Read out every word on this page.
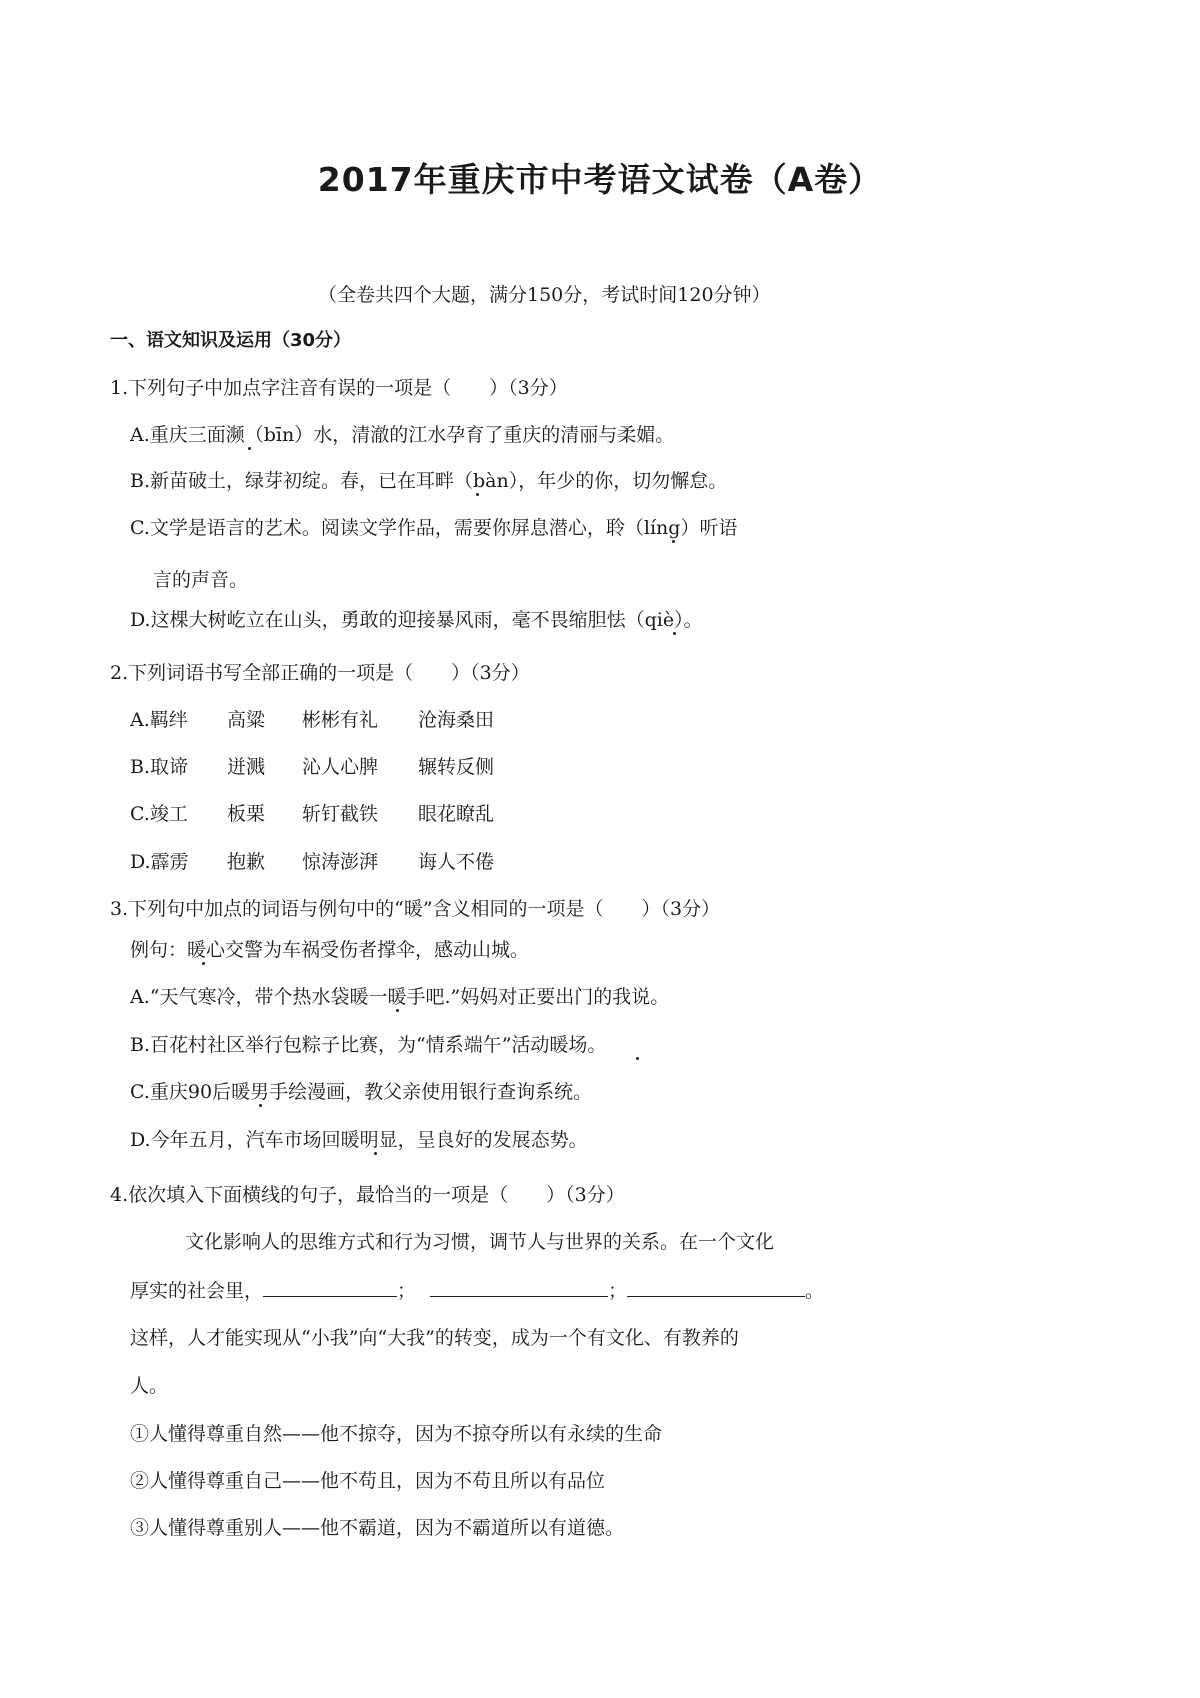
2017年重庆市中考语文试卷（A卷）
（全卷共四个大题，满分150分，考试时间120分钟）
一、语文知识及运用（30分）
1.下列句子中加点字注音有误的一项是（　　）（3分）
A.重庆三面濒（bīn）水，清澈的江水孕育了重庆的清丽与柔媚。
B.新苗破土，绿芽初绽。春，已在耳畔（bàn），年少的你，切勿懈怠。
C.文学是语言的艺术。阅读文学作品，需要你屏息潜心，聆（líng）听语
言的声音。
D.这棵大树屹立在山头，勇敢的迎接暴风雨，毫不畏缩胆怯（qiè）。
2.下列词语书写全部正确的一项是（　　）（3分）
A.羁绊 高粱 彬彬有礼 沧海桑田
B.取谛 迸溅 沁人心脾 辗转反侧
C.竣工 板栗 斩钉截铁 眼花瞭乱
D.霹雳 抱歉 惊涛澎湃 诲人不倦
3.下列句中加点的词语与例句中的“暖”含义相同的一项是（　　）（3分）
例句：暖心交警为车祸受伤者撑伞，感动山城。
A.“天气寒冷，带个热水袋暖一暖手吧.”妈妈对正要出门的我说。
B.百花村社区举行包粽子比赛，为“情系端午”活动暖场。
C.重庆90后暖男手绘漫画，教父亲使用银行查询系统。
D.今年五月，汽车市场回暖明显，呈良好的发展态势。
4.依次填入下面横线的句子，最恰当的一项是（　　）（3分）
文化影响人的思维方式和行为习惯，调节人与世界的关系。在一个文化
厚实的社会里，	；	；	。
这样，人才能实现从“小我”向“大我”的转变，成为一个有文化、有教养的
人。
①人懂得尊重自然——他不掠夺，因为不掠夺所以有永续的生命
②人懂得尊重自己——他不苟且，因为不苟且所以有品位
③人懂得尊重别人——他不霸道，因为不霸道所以有道德。
